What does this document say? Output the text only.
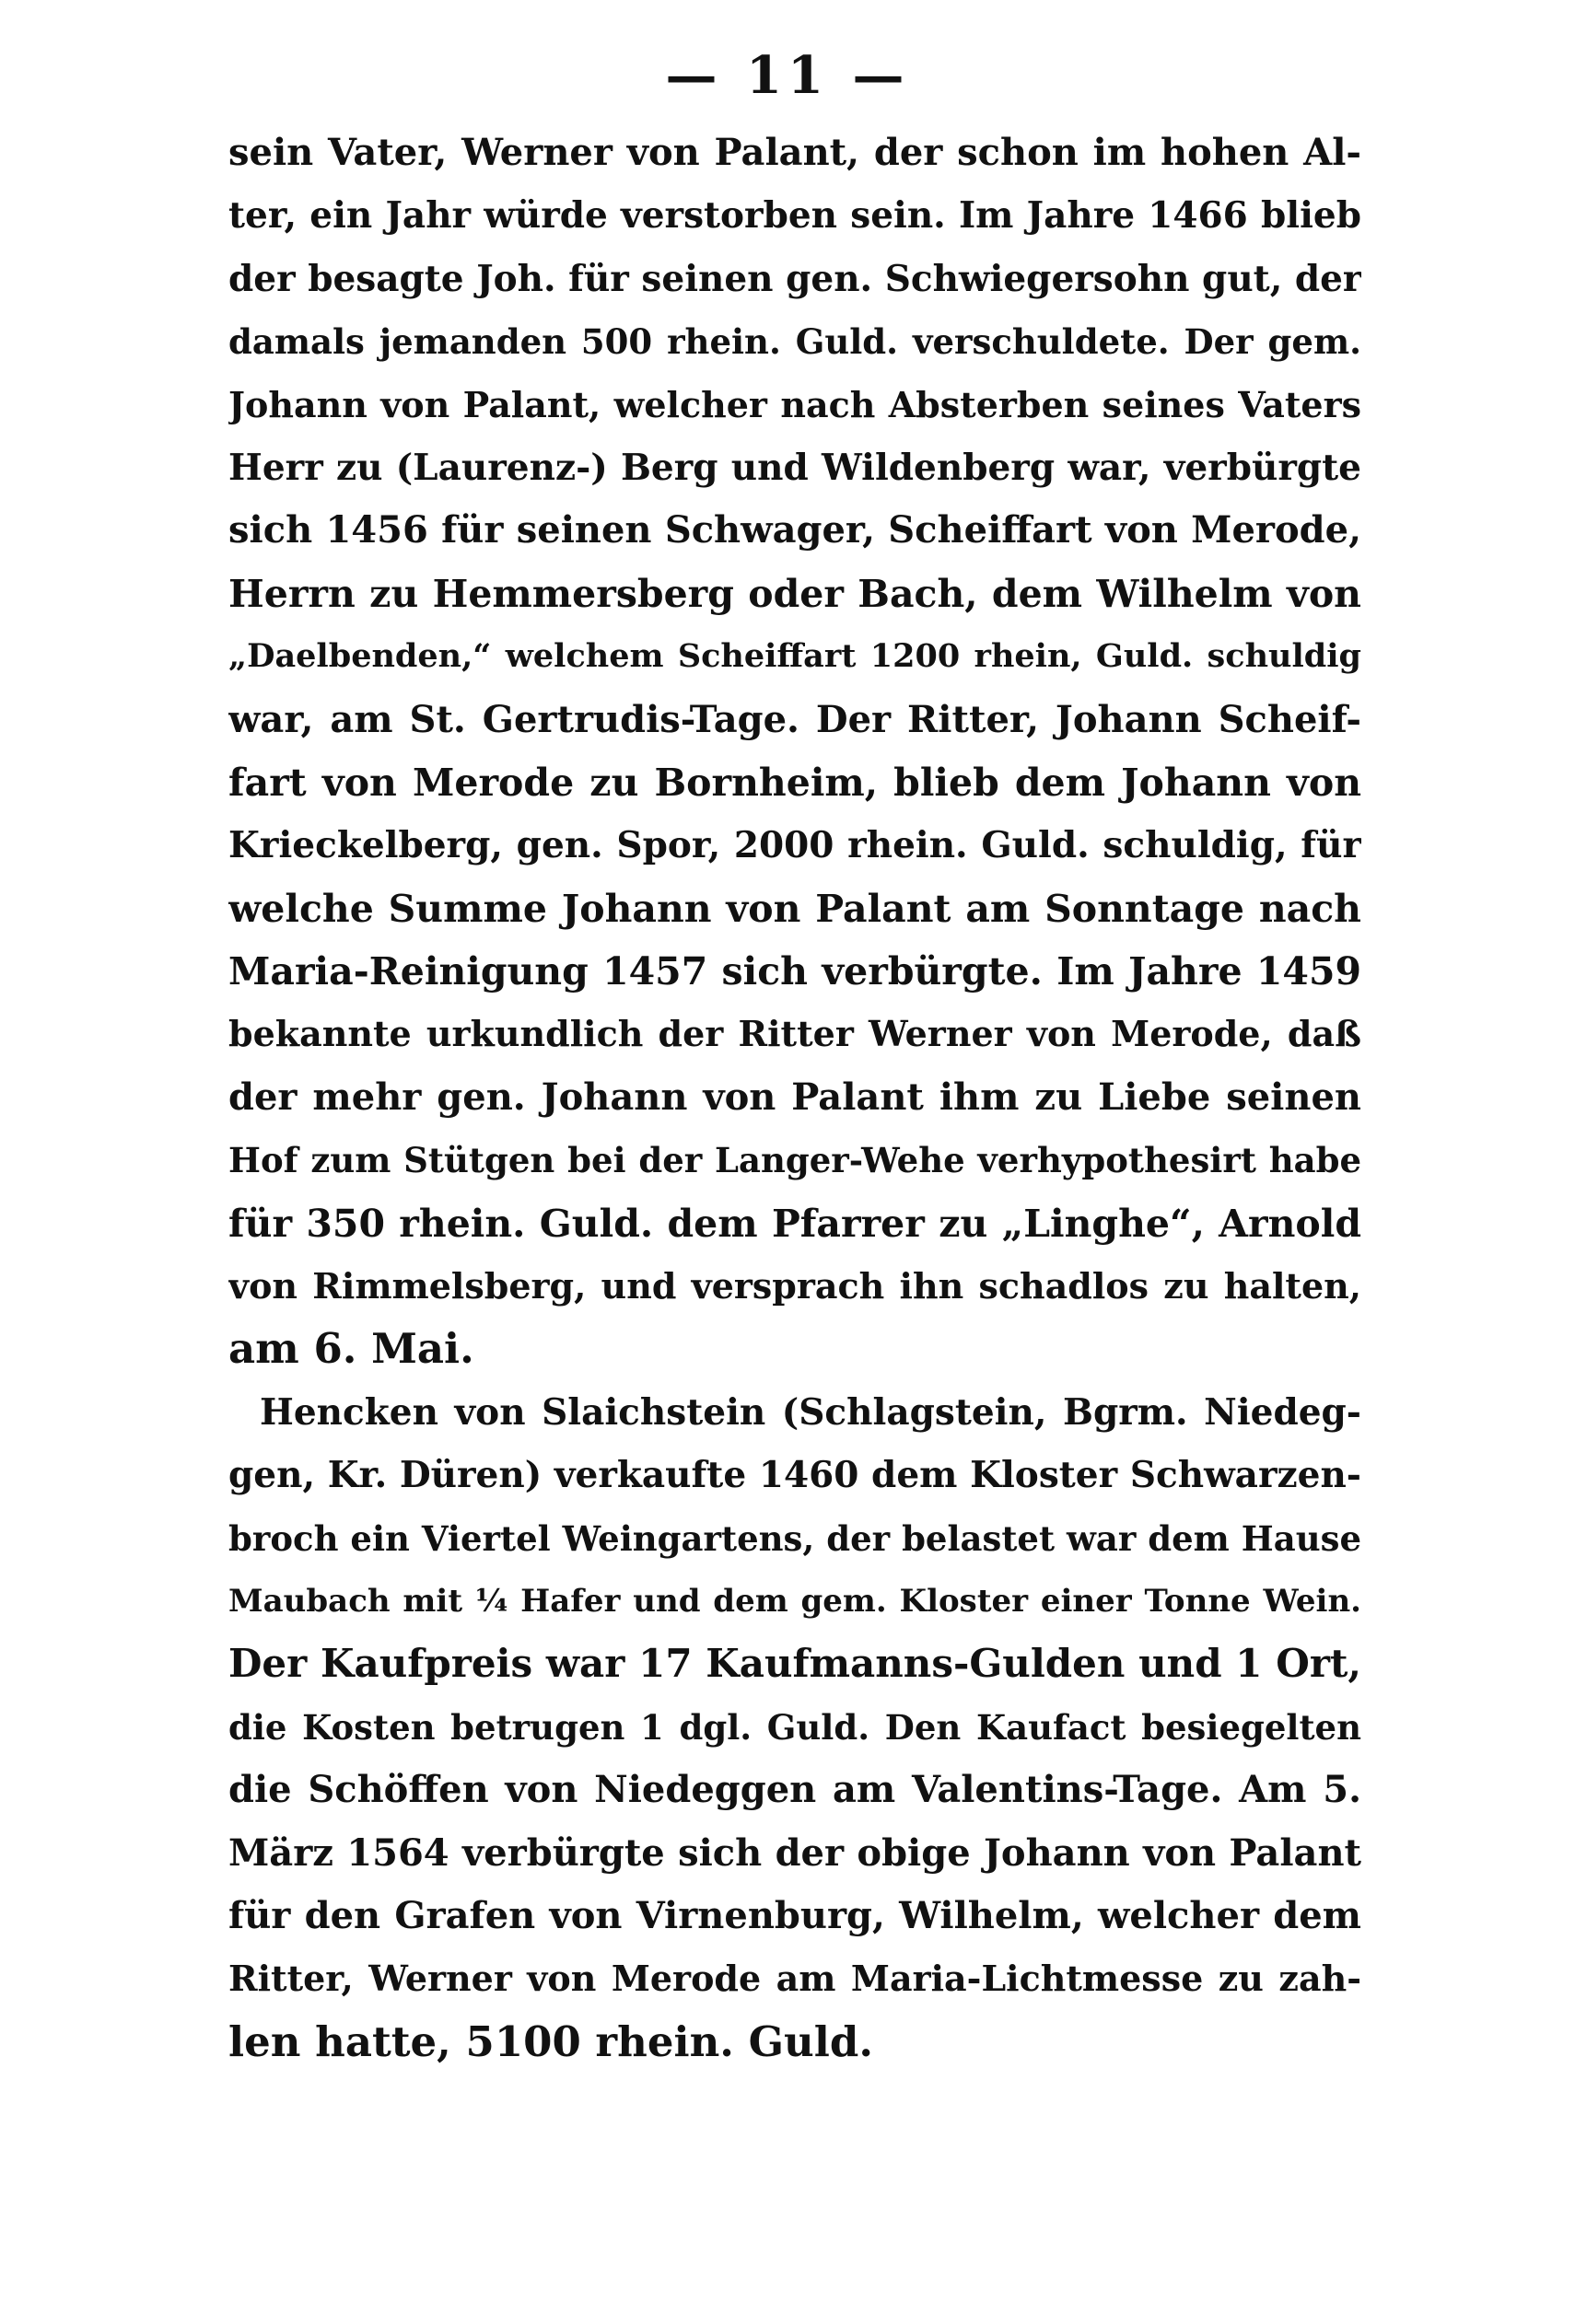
— 11 —
sein Vater, Werner von Palant, der schon im hohen Al-
ter, ein Jahr würde verstorben sein. Im Jahre 1466 blieb
der besagte Joh. für seinen gen. Schwiegersohn gut, der
damals jemanden 500 rhein. Guld. verschuldete. Der gem.
Johann von Palant, welcher nach Absterben seines Vaters
Herr zu (Laurenz-) Berg und Wildenberg war, verbürgte
sich 1456 für seinen Schwager, Scheiffart von Merode,
Herrn zu Hemmersberg oder Bach, dem Wilhelm von
„Daelbenden,“ welchem Scheiffart 1200 rhein, Guld. schuldig
war, am St. Gertrudis-Tage. Der Ritter, Johann Scheif-
fart von Merode zu Bornheim, blieb dem Johann von
Krieckelberg, gen. Spor, 2000 rhein. Guld. schuldig, für
welche Summe Johann von Palant am Sonntage nach
Maria-Reinigung 1457 sich verbürgte. Im Jahre 1459
bekannte urkundlich der Ritter Werner von Merode, daß
der mehr gen. Johann von Palant ihm zu Liebe seinen
Hof zum Stütgen bei der Langer-Wehe verhypothesirt habe
für 350 rhein. Guld. dem Pfarrer zu „Linghe“, Arnold
von Rimmelsberg, und versprach ihn schadlos zu halten,
am 6. Mai.
Hencken von Slaichstein (Schlagstein, Bgrm. Niedeg-
gen, Kr. Düren) verkaufte 1460 dem Kloster Schwarzen-
broch ein Viertel Weingartens, der belastet war dem Hause
Maubach mit ¼ Hafer und dem gem. Kloster einer Tonne Wein.
Der Kaufpreis war 17 Kaufmanns-Gulden und 1 Ort,
die Kosten betrugen 1 dgl. Guld. Den Kaufact besiegelten
die Schöffen von Niedeggen am Valentins-Tage. Am 5.
März 1564 verbürgte sich der obige Johann von Palant
für den Grafen von Virnenburg, Wilhelm, welcher dem
Ritter, Werner von Merode am Maria-Lichtmesse zu zah-
len hatte, 5100 rhein. Guld.
